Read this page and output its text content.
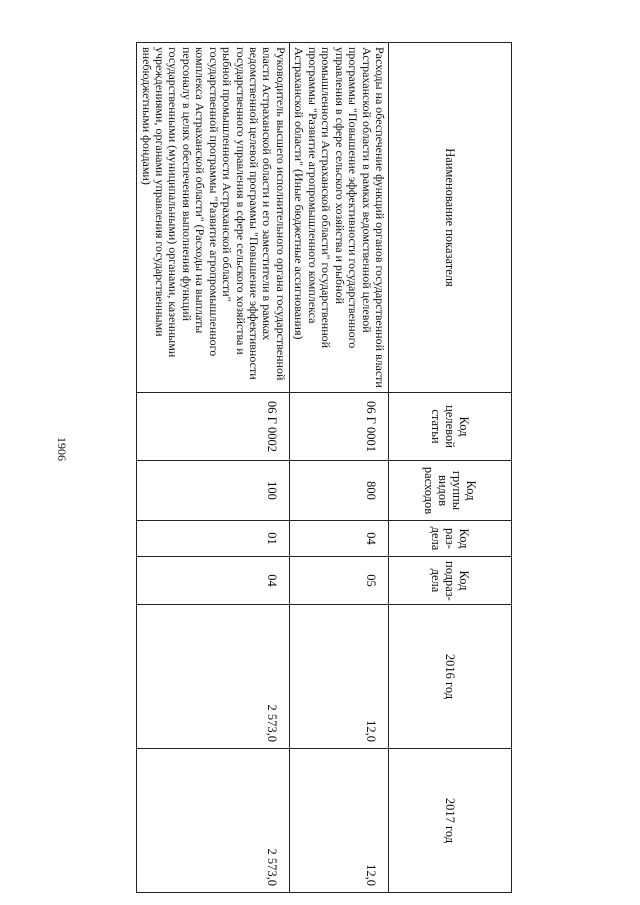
1906
Наименование показателя	Код целевой статьи	Код группы видов расходов	Код раз-дела	Код подраз-дела	2016 год	2017 год
Расходы на обеспечение функций органов государственной власти Астраханской области в рамках ведомственной целевой программы "Повышение эффективности государственного управления в сфере сельского хозяйства и рыбной промышленности Астраханской области" государственной программы "Развитие агропромышленного комплекса Астраханской области" (Иные бюджетные ассигнования)	06 Г 0001	800	04	05	12,0	12,0
Руководитель высшего исполнительного органа государственной власти Астраханской области и его заместители в рамках ведомственной целевой программы "Повышение эффективности государственного управления в сфере сельского хозяйства и рыбной промышленности Астраханской области" государственной программы "Развитие агропромышленного комплекса Астраханской области" (Расходы на выплаты персоналу в целях обеспечения выполнения функций государственными (муниципальными) органами, казенными учреждениями, органами управления государственными внебюджетными фондами)	06 Г 0002	100	01	04	2 573,0	2 573,0
